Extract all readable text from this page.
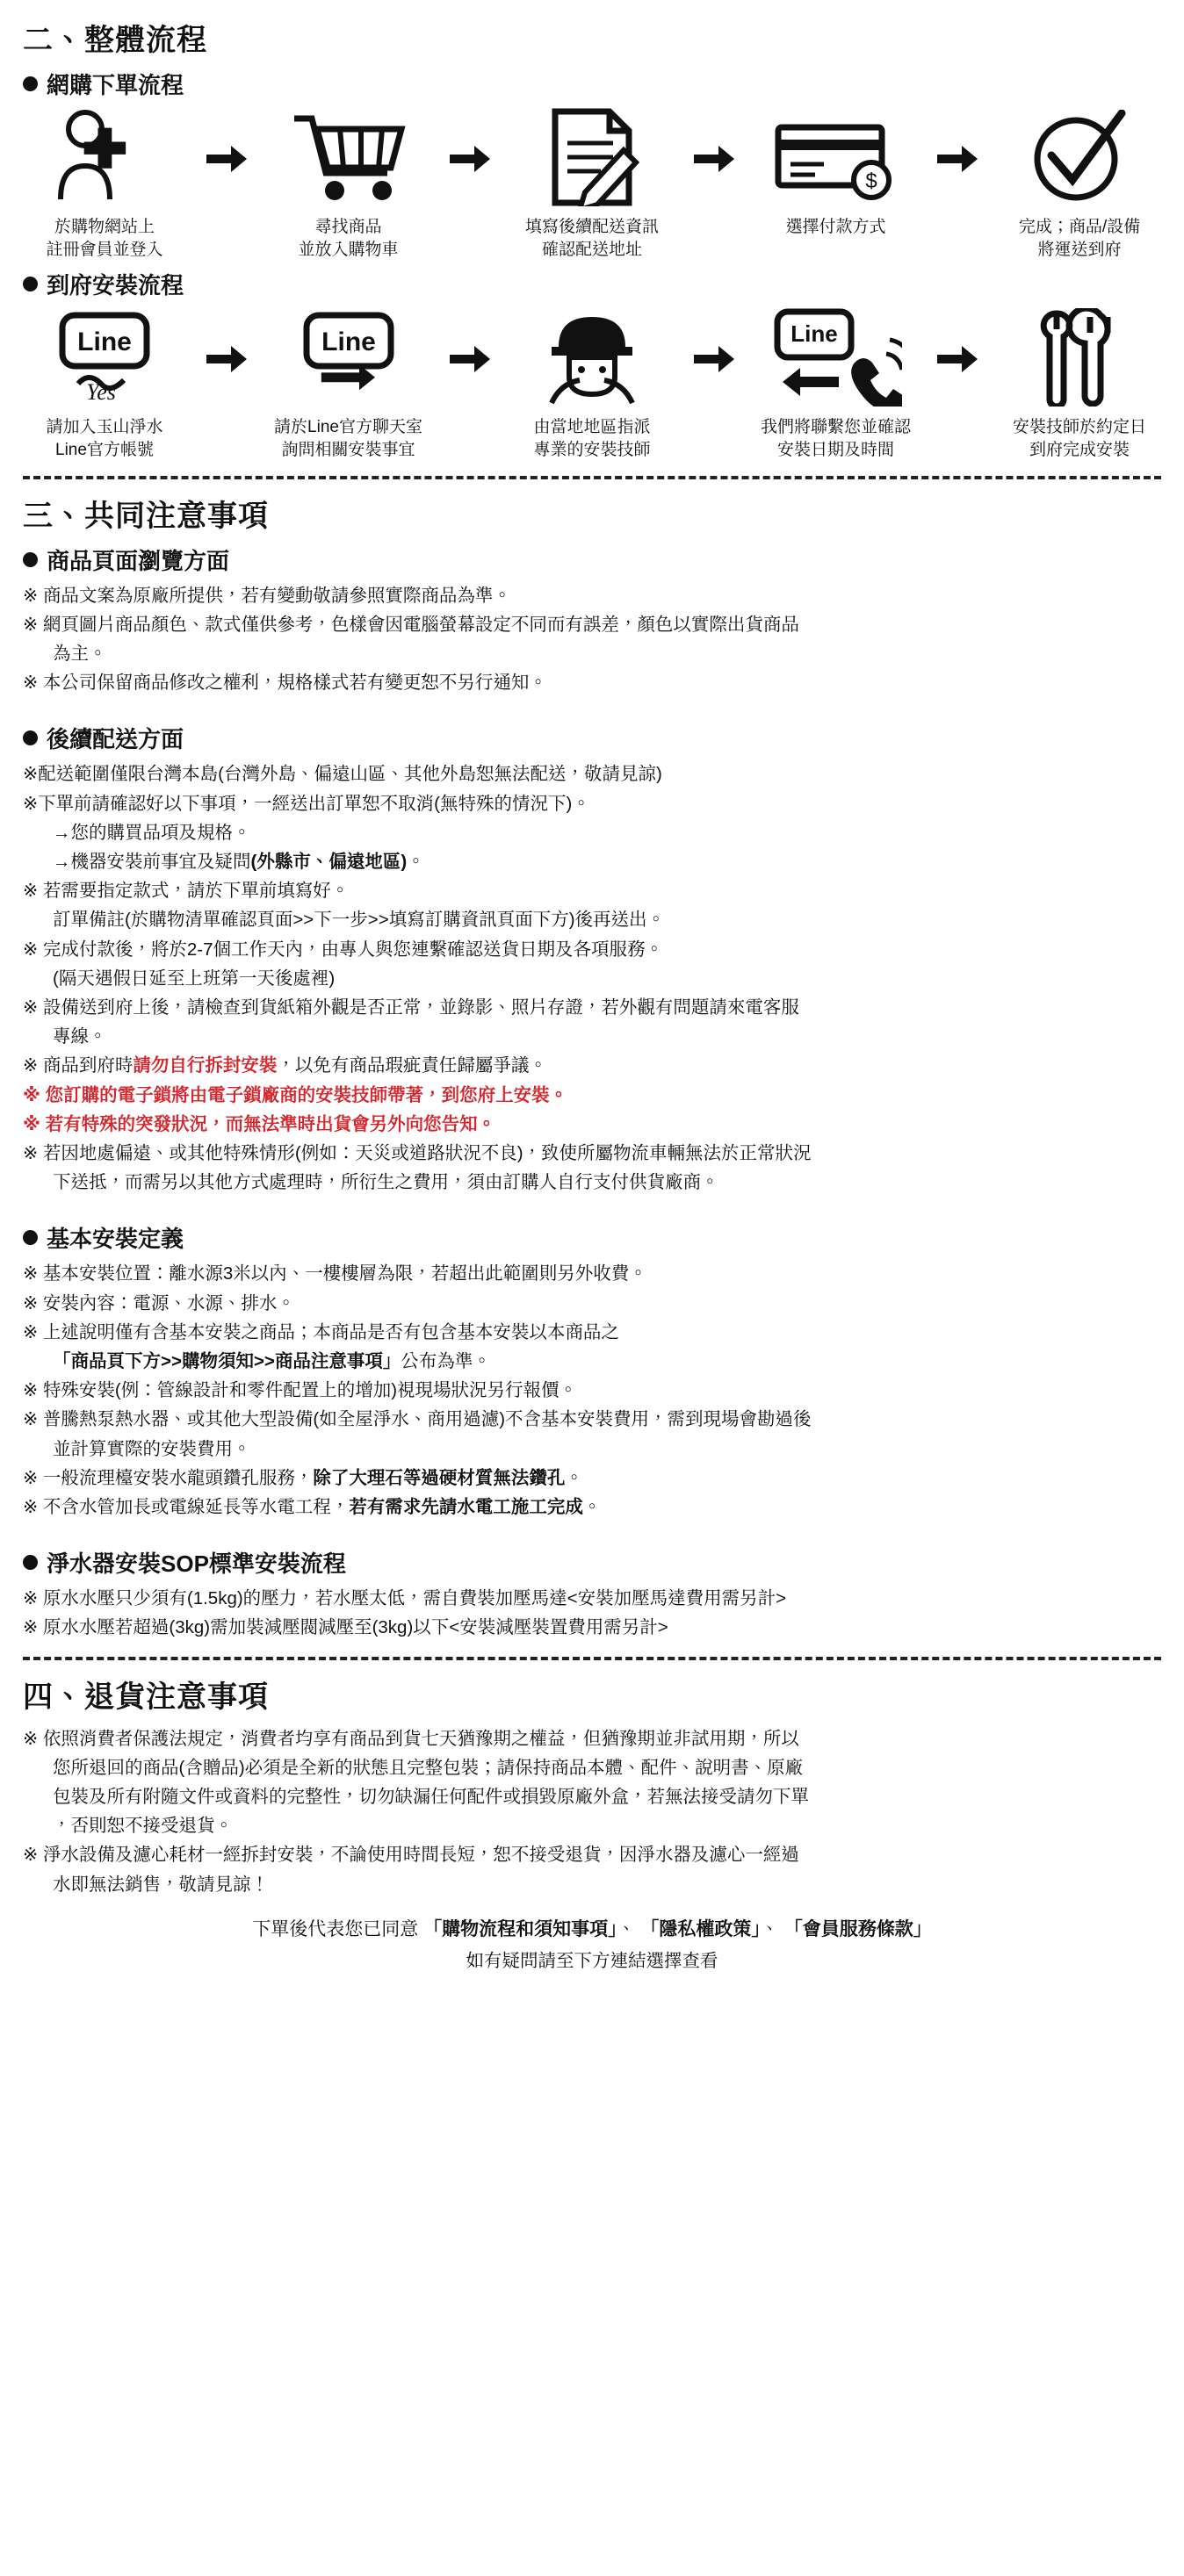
二、整體流程
網購下單流程
於購物網站上
註冊會員並登入
尋找商品
並放入購物車
填寫後續配送資訊
確認配送地址
$
選擇付款方式	完成；商品/設備
將運送到府
到府安裝流程
Line
Yes
請加入玉山淨水
Line官方帳號
Line
請於Line官方聊天室
詢問相關安裝事宜
由當地地區指派
專業的安裝技師
Line
我們將聯繫您並確認
安裝日期及時間
安裝技師於約定日
到府完成安裝
三、共同注意事項
商品頁面瀏覽方面

※ 商品文案為原廠所提供，若有變動敬請參照實際商品為準。

※ 網頁圖片商品顏色、款式僅供參考，色樣會因電腦螢幕設定不同而有誤差，顏色以實際出貨商品

為主。

※ 本公司保留商品修改之權利，規格樣式若有變更恕不另行通知。

後續配送方面

※配送範圍僅限台灣本島(台灣外島、偏遠山區、其他外島恕無法配送，敬請見諒)

※下單前請確認好以下事項，一經送出訂單恕不取消(無特殊的情況下)。

→您的購買品項及規格。

→機器安裝前事宜及疑問(外縣市、偏遠地區)。

※ 若需要指定款式，請於下單前填寫好。

訂單備註(於購物清單確認頁面>>下一步>>填寫訂購資訊頁面下方)後再送出。

※ 完成付款後，將於2-7個工作天內，由專人與您連繫確認送貨日期及各項服務。

(隔天遇假日延至上班第一天後處裡)

※ 設備送到府上後，請檢查到貨紙箱外觀是否正常，並錄影、照片存證，若外觀有問題請來電客服

專線。

※ 商品到府時請勿自行拆封安裝，以免有商品瑕疵責任歸屬爭議。

※ 您訂購的電子鎖將由電子鎖廠商的安裝技師帶著，到您府上安裝。

※ 若有特殊的突發狀況，而無法準時出貨會另外向您告知。

※ 若因地處偏遠、或其他特殊情形(例如：天災或道路狀況不良)，致使所屬物流車輛無法於正常狀況

下送抵，而需另以其他方式處理時，所衍生之費用，須由訂購人自行支付供貨廠商。

基本安裝定義

※ 基本安裝位置：離水源3米以內、一樓樓層為限，若超出此範圍則另外收費。

※ 安裝內容：電源、水源、排水。

※ 上述說明僅有含基本安裝之商品；本商品是否有包含基本安裝以本商品之

「商品頁下方>>購物須知>>商品注意事項」公布為準。

※ 特殊安裝(例：管線設計和零件配置上的增加)視現場狀況另行報價。

※ 普騰熱泵熱水器、或其他大型設備(如全屋淨水、商用過濾)不含基本安裝費用，需到現場會勘過後

並計算實際的安裝費用。

※ 一般流理檯安裝水龍頭鑽孔服務，除了大理石等過硬材質無法鑽孔。

※ 不含水管加長或電線延長等水電工程，若有需求先請水電工施工完成。

淨水器安裝SOP標準安裝流程

※ 原水水壓只少須有(1.5kg)的壓力，若水壓太低，需自費裝加壓馬達<安裝加壓馬達費用需另計>

※ 原水水壓若超過(3kg)需加裝減壓閥減壓至(3kg)以下<安裝減壓裝置費用需另計>

四、退貨注意事項

※ 依照消費者保護法規定，消費者均享有商品到貨七天猶豫期之權益，但猶豫期並非試用期，所以

您所退回的商品(含贈品)必須是全新的狀態且完整包裝；請保持商品本體、配件、說明書、原廠

包裝及所有附隨文件或資料的完整性，切勿缺漏任何配件或損毀原廠外盒，若無法接受請勿下單

，否則恕不接受退貨。

※ 淨水設備及濾心耗材一經拆封安裝，不論使用時間長短，恕不接受退貨，因淨水器及濾心一經過

水即無法銷售，敬請見諒！

下單後代表您已同意 「購物流程和須知事項」、 「隱私權政策」、 「會員服務條款」
如有疑問請至下方連結選擇查看
